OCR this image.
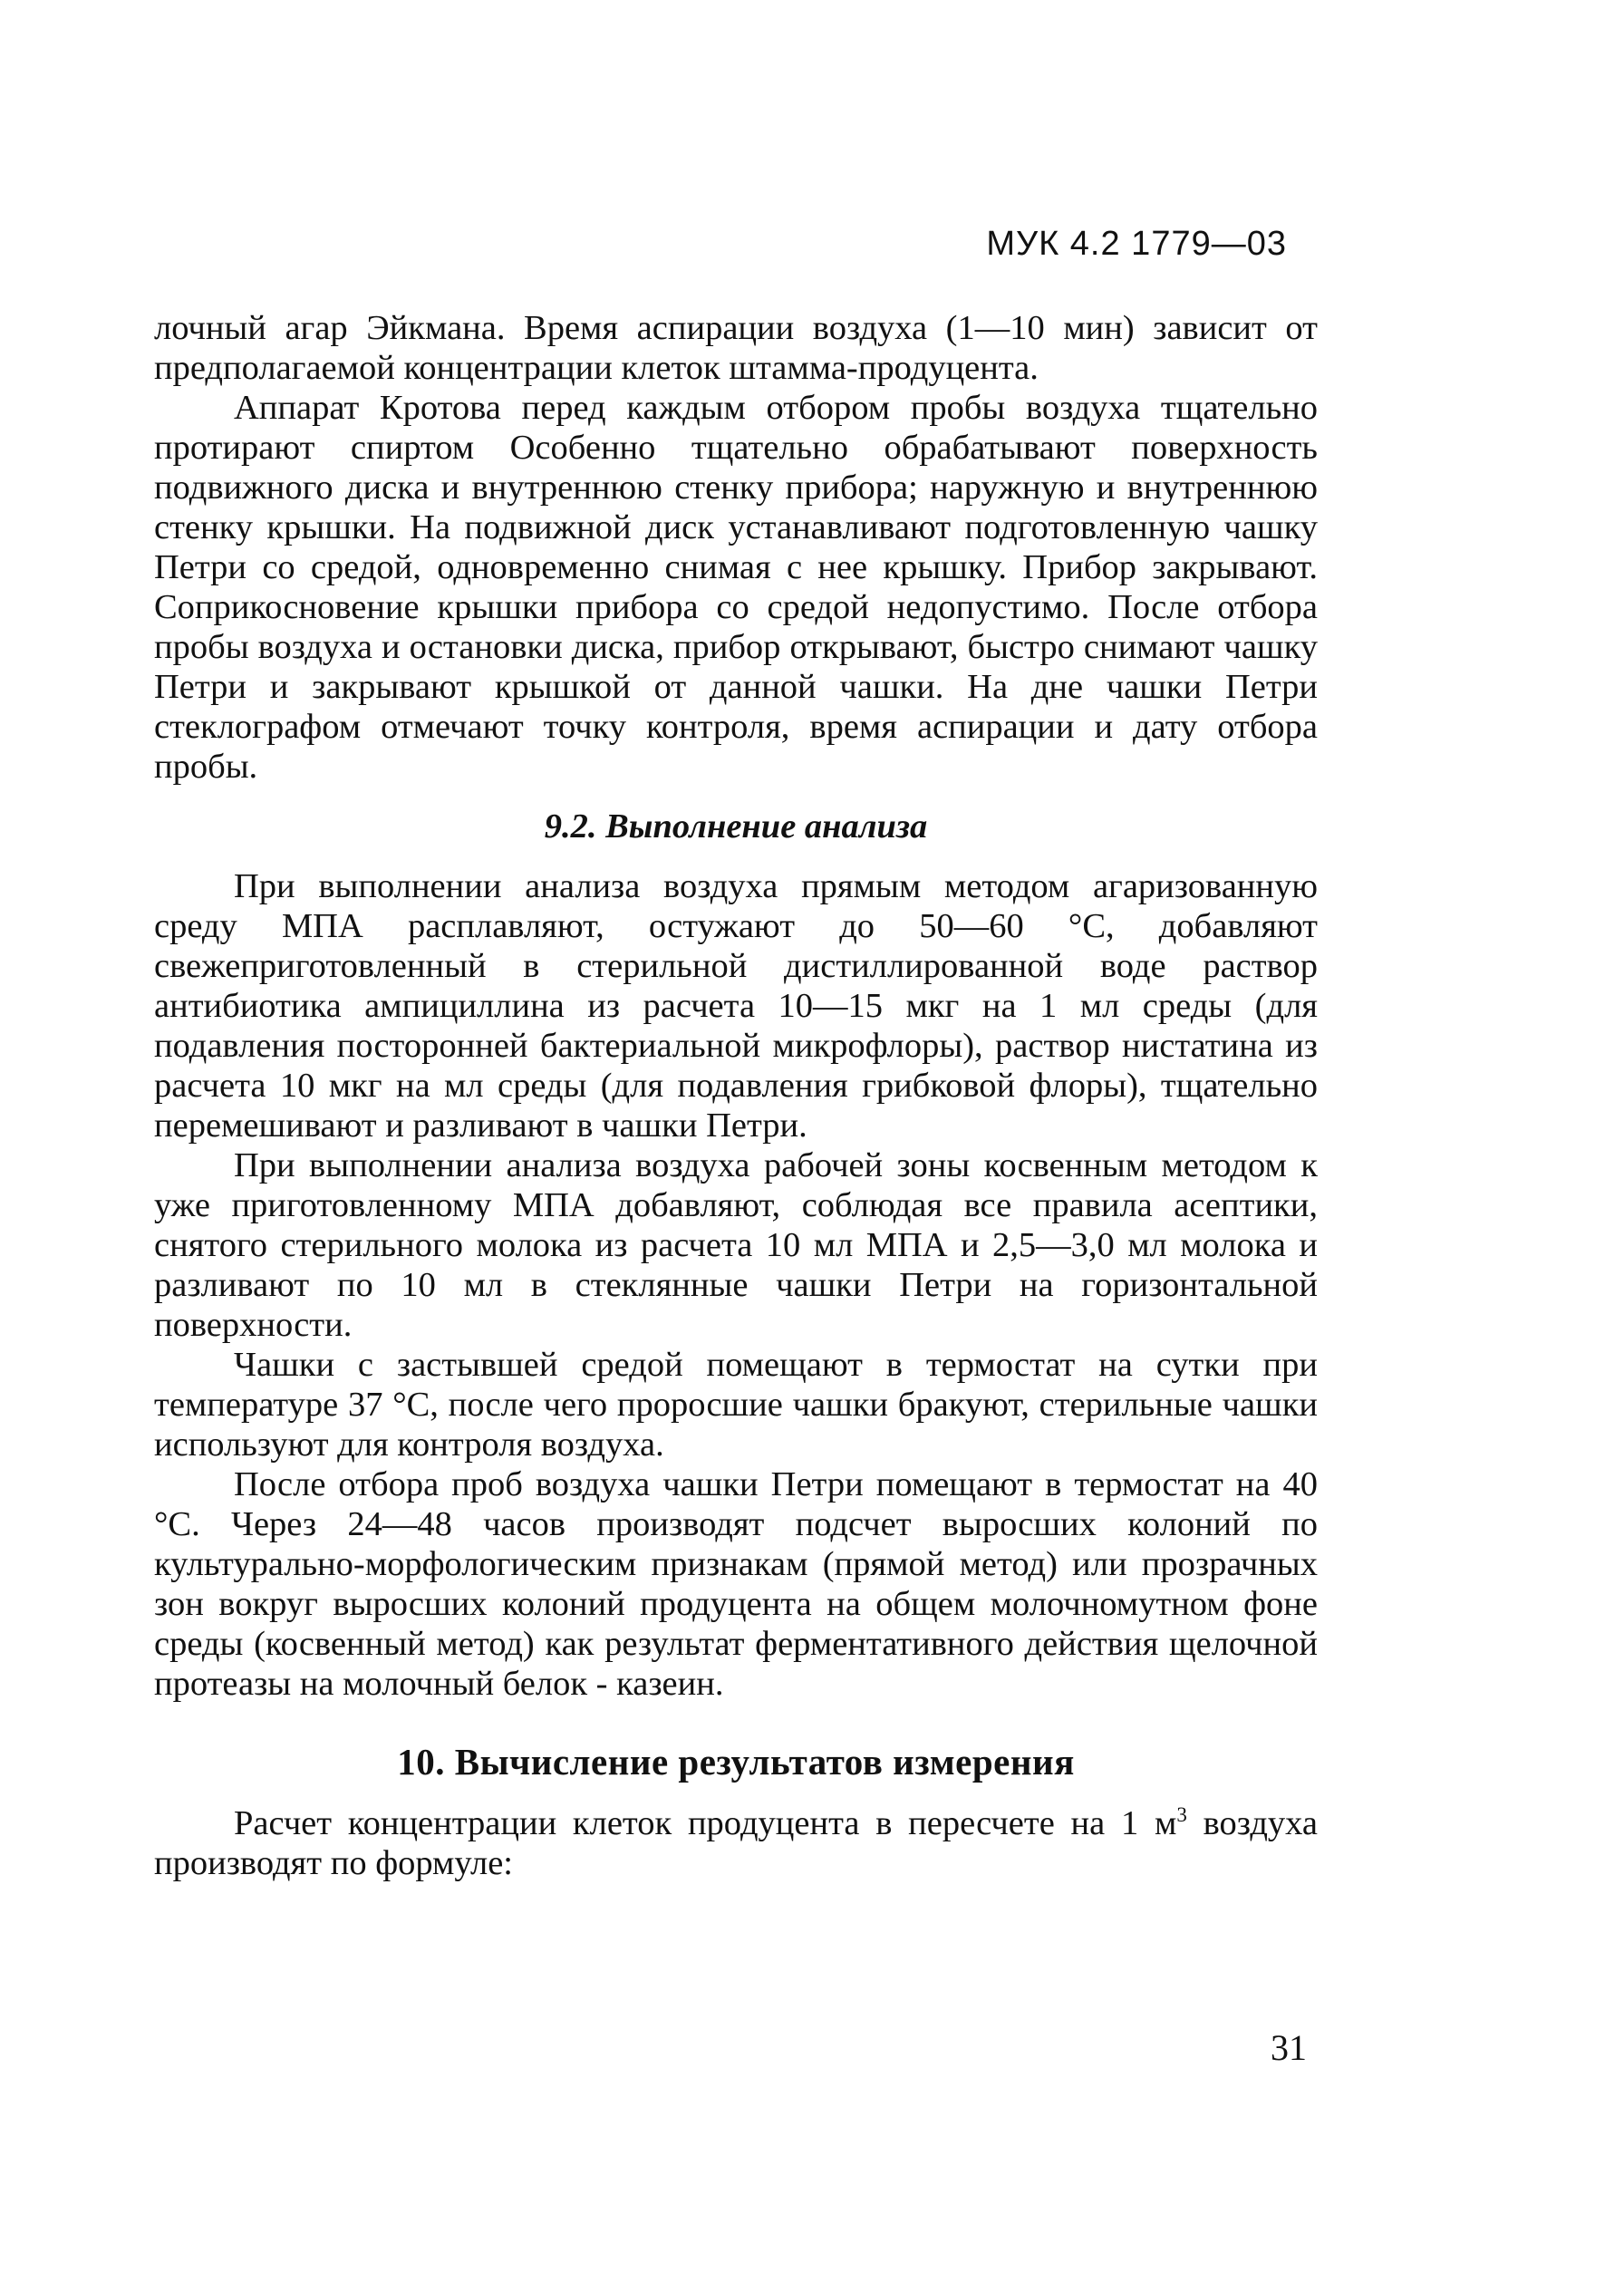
МУК 4.2 1779—03

лочный агар Эйкмана. Время аспирации воздуха (1—10 мин) зависит от предполагаемой концентрации клеток штамма-продуцента.

Аппарат Кротова перед каждым отбором пробы воздуха тщательно протирают спиртом Особенно тщательно обрабатывают поверхность подвижного диска и внутреннюю стенку прибора; наружную и внутреннюю стенку крышки. На подвижной диск устанавливают подготовленную чашку Петри со средой, одновременно снимая с нее крышку. Прибор закрывают. Соприкосновение крышки прибора со средой недопустимо. После отбора пробы воздуха и остановки диска, прибор открывают, быстро снимают чашку Петри и закрывают крышкой от данной чашки. На дне чашки Петри стеклографом отмечают точку контроля, время аспирации и дату отбора пробы.

9.2. Выполнение анализа

При выполнении анализа воздуха прямым методом агаризованную среду МПА расплавляют, остужают до 50—60 °С, добавляют свежеприготовленный в стерильной дистиллированной воде раствор антибиотика ампициллина из расчета 10—15 мкг на 1 мл среды (для подавления посторонней бактериальной микрофлоры), раствор нистатина из расчета 10 мкг на мл среды (для подавления грибковой флоры), тщательно перемешивают и разливают в чашки Петри.

При выполнении анализа воздуха рабочей зоны косвенным методом к уже приготовленному МПА добавляют, соблюдая все правила асептики, снятого стерильного молока из расчета 10 мл МПА и 2,5—3,0 мл молока и разливают по 10 мл в стеклянные чашки Петри на горизонтальной поверхности.

Чашки с застывшей средой помещают в термостат на сутки при температуре 37 °С, после чего проросшие чашки бракуют, стерильные чашки используют для контроля воздуха.

После отбора проб воздуха чашки Петри помещают в термостат на 40 °С. Через 24—48 часов производят подсчет выросших колоний по культурально-морфологическим признакам (прямой метод) или прозрачных зон вокруг выросших колоний продуцента на общем молочномутном фоне среды (косвенный метод) как результат ферментативного действия щелочной протеазы на молочный белок - казеин.

10. Вычисление результатов измерения

Расчет концентрации клеток продуцента в пересчете на 1 $м^3$ воздуха производят по формуле:

31
